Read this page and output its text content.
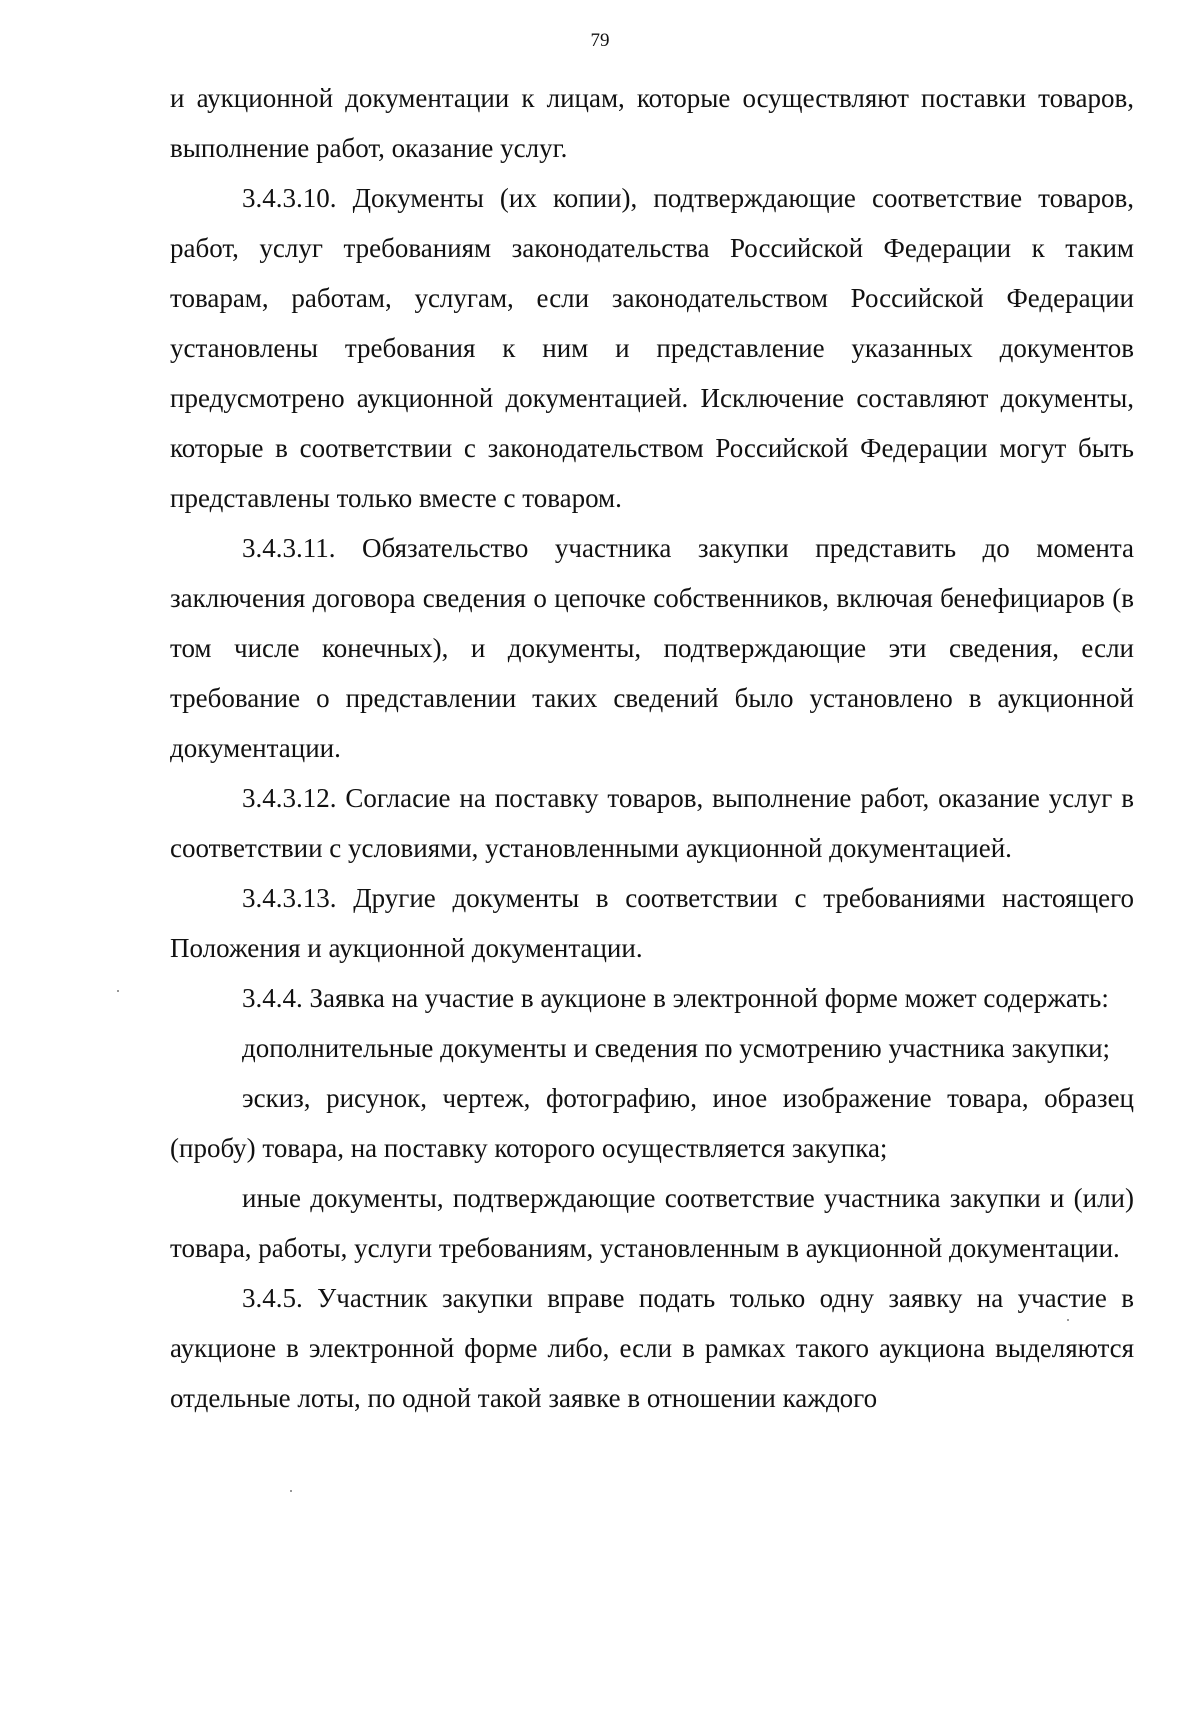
79

и аукционной документации к лицам, которые осуществляют поставки товаров, выполнение работ, оказание услуг.

3.4.3.10. Документы (их копии), подтверждающие соответствие товаров, работ, услуг требованиям законодательства Российской Федерации к таким товарам, работам, услугам, если законодательством Российской Федерации установлены требования к ним и представление указанных документов предусмотрено аукционной документацией. Исключение составляют документы, которые в соответствии с законодательством Российской Федерации могут быть представлены только вместе с товаром.

3.4.3.11. Обязательство участника закупки представить до момента заключения договора сведения о цепочке собственников, включая бенефициаров (в том числе конечных), и документы, подтверждающие эти сведения, если требование о представлении таких сведений было установлено в аукционной документации.

3.4.3.12. Согласие на поставку товаров, выполнение работ, оказание услуг в соответствии с условиями, установленными аукционной документацией.

3.4.3.13. Другие документы в соответствии с требованиями настоящего Положения и аукционной документации.

3.4.4. Заявка на участие в аукционе в электронной форме может содержать:

дополнительные документы и сведения по усмотрению участника закупки;

эскиз, рисунок, чертеж, фотографию, иное изображение товара, образец (пробу) товара, на поставку которого осуществляется закупка;

иные документы, подтверждающие соответствие участника закупки и (или) товара, работы, услуги требованиям, установленным в аукционной документации.

3.4.5. Участник закупки вправе подать только одну заявку на участие в аукционе в электронной форме либо, если в рамках такого аукциона выделяются отдельные лоты, по одной такой заявке в отношении каждого
